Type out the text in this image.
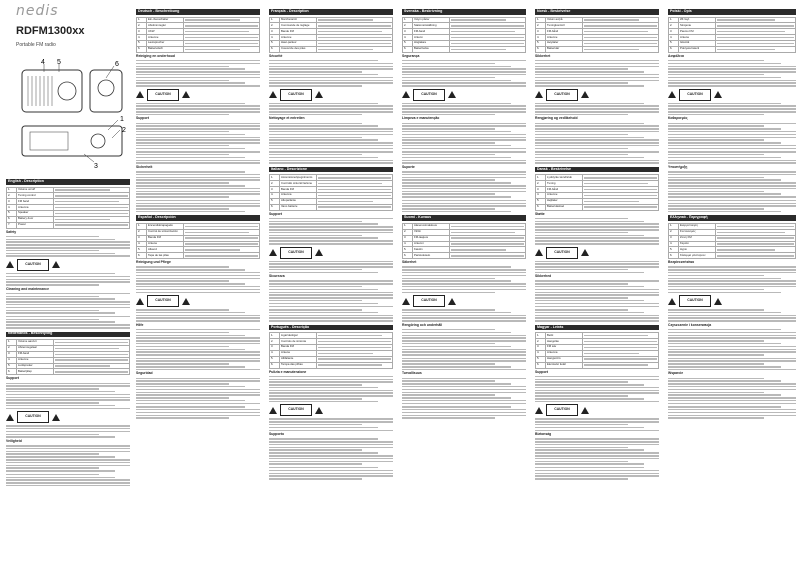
nedis
RDFM1300xx
Portable FM radio
4 5	6
1
2
3
English - Description
1.	Volume on/off	

2.	Tuning control	

3.	FM band	

4.	Antenna	

5.	Speaker	

6.	Battery door	

7.	Power	
Safety
CAUTION
Cleaning and maintenance
Nederlands - Beschrijving
1.	Volume aan/uit	

2.	Afstemregelaar	

3.	FM-band	

4.	Antenne	

5.	Luidspreker	

6.	Batterijklep	
Support
CAUTION
Veiligheid
Deutsch - Beschreibung
1.	Ein-/Ausschalter	

2.	Abstimmregler	

3.	UKW	

4.	Antenne	

5.	Lautsprecher	

6.	Batteriefach	
Reiniging en onderhoud
CAUTION
Support
Sicherheit
Español - Descripción
1.	Encendido/apagado	

2.	Control de sintonización	

3.	Banda FM	

4.	Antena	

5.	Altavoz	

6.	Tapa de las pilas	
Reinigung und Pflege
CAUTION
Hilfe
Seguridad
Français - Description
1.	Marche/arrêt	

2.	Commande de réglage	

3.	Bande FM	

4.	Antenne	

5.	Haut-parleur	

6.	Couvercle des piles	
Sécurité
CAUTION
Nettoyage et entretien
Italiano - Descrizione
1.	Accensione/spegnimento	

2.	Controllo sintonizzazione	

3.	Banda FM	

4.	Antenna	

5.	Altoparlante	

6.	Vano batterie	
Support
CAUTION
Sicurezza
Português - Descrição
1.	Ligar/desligar	

2.	Controlo de sintonia	

3.	Banda FM	

4.	Antena	

5.	Altifalante	

6.	Tampa das pilhas	
Pulizia e manutenzione
CAUTION
Supporto
Svenska - Beskrivning
1.	Volym på/av	

2.	Stationsinställning	

3.	FM-band	

4.	Antenn	

5.	Högtalare	

6.	Batterilucka	
Segurança
CAUTION
Limpeza e manutenção
Suporte
Suomi - Kuvaus
1.	Äänenvoimakkuus	

2.	Viritin	

3.	FM-taajuus	

4.	Antenni	

5.	Kaiutin	

6.	Paristokotelo	
Säkerhet
CAUTION
Rengöring och underhåll
Turvallisuus
Norsk - Beskrivelse
1.	Volum av/på	

2.	Tuningkontroll	

3.	FM-bånd	

4.	Antenne	

5.	Høyttaler	

6.	Batteridør	
Sikkerhet
CAUTION
Rengjøring og vedlikehold
Dansk - Beskrivelse
1.	Lydstyrke tænd/sluk	

2.	Tuning	

3.	FM-bånd	

4.	Antenne	

5.	Højttaler	

6.	Batteridæksel	
Støtte
CAUTION
Sikkerhed
Magyar - Leírás
1.	Be/ki	

2.	Hangolás	

3.	FM sáv	

4.	Antenna	

5.	Hangszóró	

6.	Elemtartó fedél	
Support
CAUTION
Biztonság
Polski - Opis
1.	Wł./wył.	

2.	Strojenie	

3.	Pasmo FM	

4.	Antena	

5.	Głośnik	

6.	Pokrywa baterii	
Ασφάλεια
CAUTION
Καθαρισμός
Υποστήριξη
Ελληνικά - Περιγραφή
1.	Ενεργοποίηση	

2.	Συντονισμός	

3.	Ζώνη FM	

4.	Κεραία	

5.	Ηχείο	

6.	Κάλυμμα μπαταριών	
Bezpieczeństwo
CAUTION
Czyszczenie i konserwacja
Wsparcie
